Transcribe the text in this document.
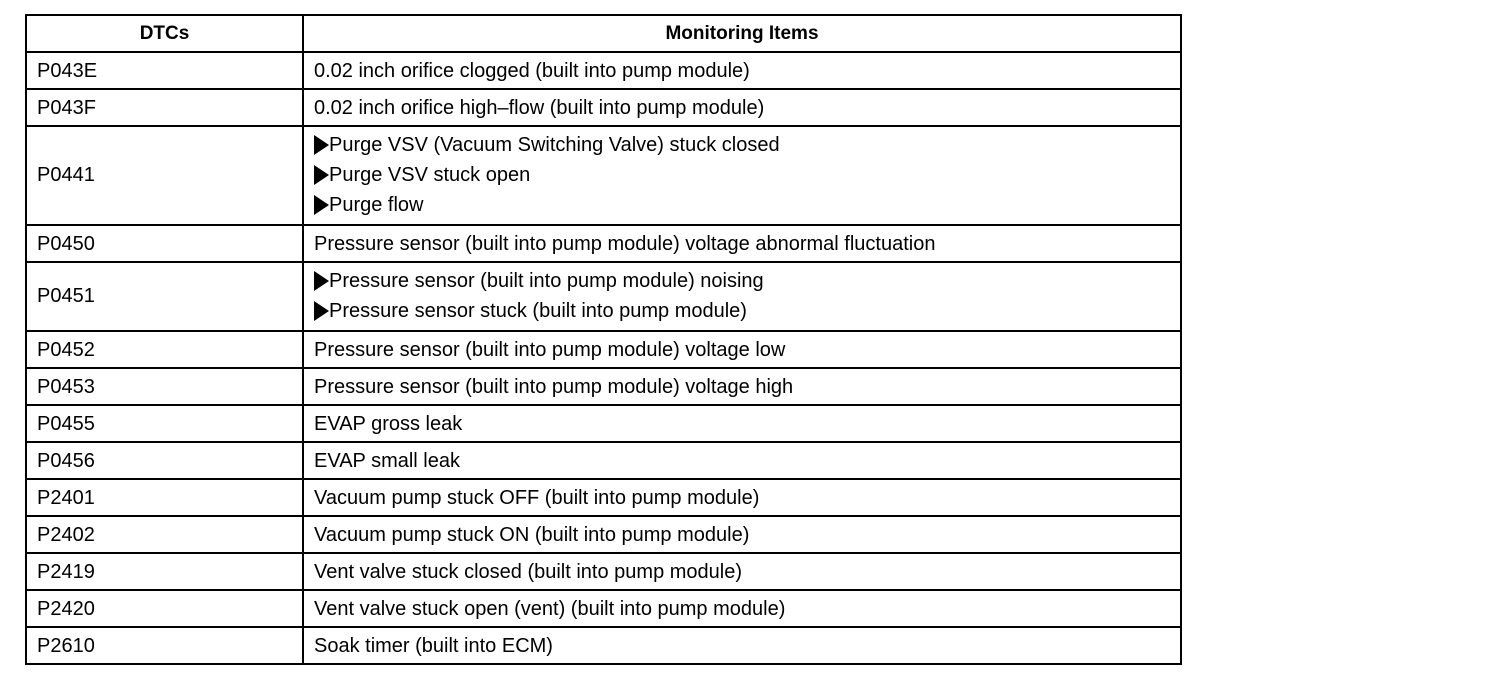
DTCs	Monitoring Items
P043E	0.02 inch orifice clogged (built into pump module)

P043F	0.02 inch orifice high–flow (built into pump module)

P0441	Purge VSV (Vacuum Switching Valve) stuck closed
Purge VSV stuck open
Purge flow

P0450	Pressure sensor (built into pump module) voltage abnormal fluctuation

P0451	Pressure sensor (built into pump module) noising
Pressure sensor stuck (built into pump module)

P0452	Pressure sensor (built into pump module) voltage low

P0453	Pressure sensor (built into pump module) voltage high

P0455	EVAP gross leak

P0456	EVAP small leak

P2401	Vacuum pump stuck OFF (built into pump module)

P2402	Vacuum pump stuck ON (built into pump module)

P2419	Vent valve stuck closed (built into pump module)

P2420	Vent valve stuck open (vent) (built into pump module)

P2610	Soak timer (built into ECM)
